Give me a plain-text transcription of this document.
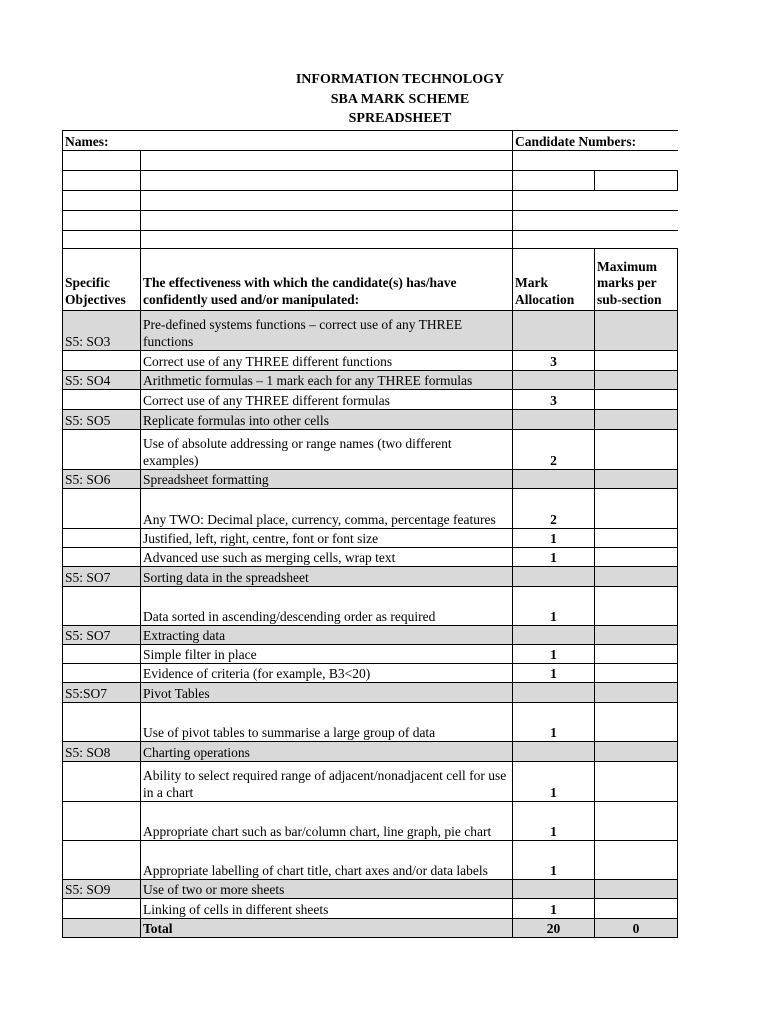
INFORMATION TECHNOLOGY
SBA MARK SCHEME
SPREADSHEET
Names:		Candidate Numbers:	

Specific Objectives	The effectiveness with which the candidate(s) has/have confidently used and/or manipulated:	Mark Allocation	Maximum marks per sub-section
S5: SO3	Pre-defined systems functions – correct use of any THREE functions		
	Correct use of any THREE different functions	3	
S5: SO4	Arithmetic formulas – 1 mark each for any THREE formulas		
	Correct use of any THREE different formulas	3	
S5: SO5	Replicate formulas into other cells		
	Use of absolute addressing or range names (two different examples)	2	
S5: SO6	Spreadsheet formatting		
	Any TWO: Decimal place, currency, comma, percentage features	2	
	Justified, left, right, centre, font or font size	1	
	Advanced use such as merging cells, wrap text	1	
S5: SO7	Sorting data in the spreadsheet		
	Data sorted in ascending/descending order as required	1	
S5: SO7	Extracting data		
	Simple filter in place	1	
	Evidence of criteria (for example, B3<20)	1	
S5:SO7	Pivot Tables		
	Use of pivot tables to summarise a large group of data	1	
S5: SO8	Charting operations		
	Ability to select required range of adjacent/nonadjacent cell for use in a chart	1	
	Appropriate chart such as bar/column chart, line graph, pie chart	1	
	Appropriate labelling of chart title, chart axes and/or data labels	1	
S5: SO9	Use of two or more sheets		
	Linking of cells in different sheets	1	
	Total	20	0
